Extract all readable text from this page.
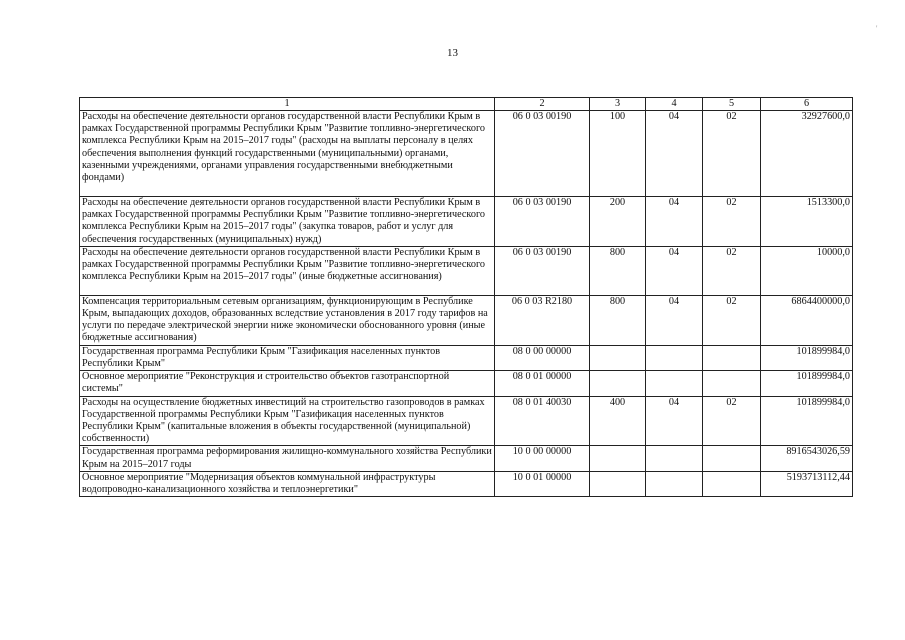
13
'
1	2	3	4	5	6
Расходы на обеспечение деятельности органов государственной власти Республики Крым в рамках Государственной программы Республики Крым "Развитие топливно-энергетического комплекса Республики Крым на 2015–2017 годы" (расходы на выплаты персоналу в целях обеспечения выполнения функций государственными (муниципальными) органами, казенными учреждениями, органами управления государственными внебюджетными фондами)	06 0 03 00190	100	04	02	32927600,0
Расходы на обеспечение деятельности органов государственной власти Республики Крым в рамках Государственной программы Республики Крым "Развитие топливно-энергетического комплекса Республики Крым на 2015–2017 годы" (закупка товаров, работ и услуг для обеспечения государственных (муниципальных) нужд)	06 0 03 00190	200	04	02	1513300,0
Расходы на обеспечение деятельности органов государственной власти Республики Крым в рамках Государственной программы Республики Крым "Развитие топливно-энергетического комплекса Республики Крым на 2015–2017 годы" (иные бюджетные ассигнования)	06 0 03 00190	800	04	02	10000,0
Компенсация территориальным сетевым организациям, функционирующим в Республике Крым, выпадающих доходов, образованных вследствие установления в 2017 году тарифов на услуги по передаче электрической энергии ниже экономически обоснованного уровня (иные бюджетные ассигнования)	06 0 03 R2180	800	04	02	6864400000,0
Государственная программа Республики Крым "Газификация населенных пунктов Республики Крым"	08 0 00 00000				101899984,0
Основное мероприятие "Реконструкция и строительство объектов газотранспортной системы"	08 0 01 00000				101899984,0
Расходы на осуществление бюджетных инвестиций на строительство газопроводов в рамках Государственной программы Республики Крым "Газификация населенных пунктов Республики Крым" (капитальные вложения в объекты государственной (муниципальной) собственности)	08 0 01 40030	400	04	02	101899984,0
Государственная программа реформирования жилищно-коммунального хозяйства Республики Крым на 2015–2017 годы	10 0 00 00000				8916543026,59
Основное мероприятие "Модернизация объектов коммунальной инфраструктуры водопроводно-канализационного хозяйства и теплоэнергетики"	10 0 01 00000				5193713112,44
